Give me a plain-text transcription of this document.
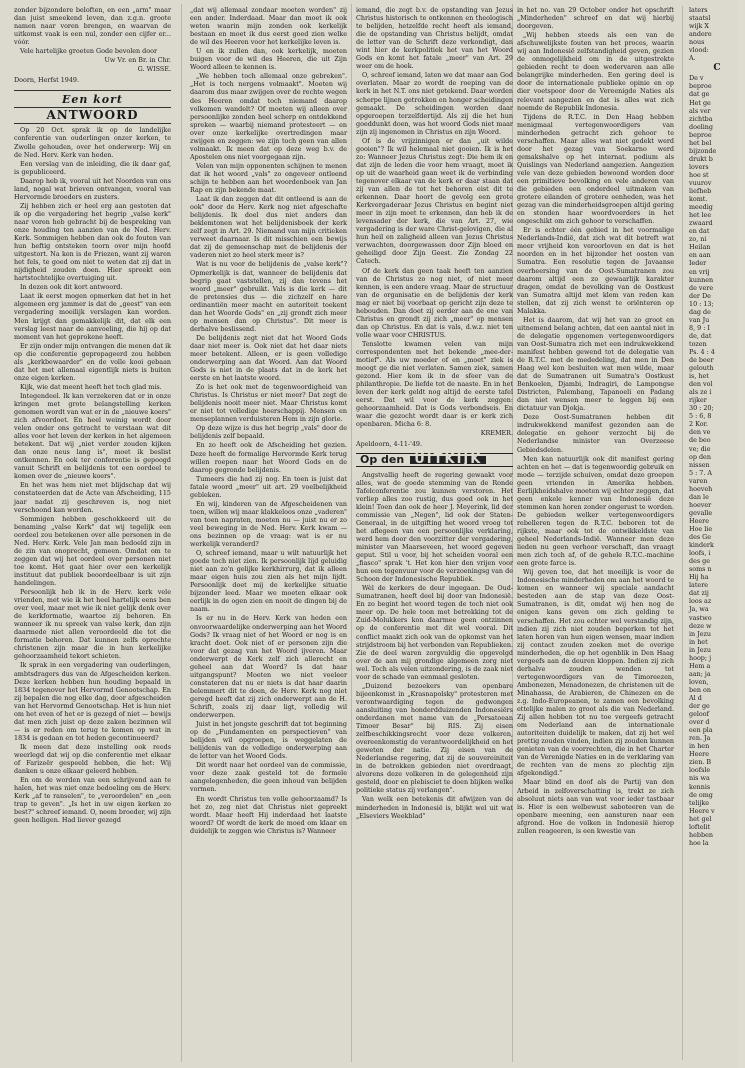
zonder bijzondere beloften, en een „arm" maar dan juist smeekend leven, dan z.g.n. groote namen naar voren brengen, en waarvan de uitkomst vaak is een nul, zonder een cijfer er... vóór.

Vele hartelijke groeten Gode bevolen door

Uw Vr. en Br. in Chr.

G. WISSE.

Doorn, Herfst 1949.

Een kort
ANTWOORD

Op 20 Oct. sprak ik op de landelijke conferentie van ouderlingen onzer kerken, te Zwolle gehouden, over het onderwerp: Wij en de Ned. Herv. Kerk van heden.

Een verslag van de inleiding, die ik daar gaf, is gepubliceerd.

Daarop heb ik, vooral uit het Noorden van ons land, nogal wat brieven ontvangen, vooral van Hervormde broeders en zusters.

Zij hebben zich er heel erg aan gestoten dat ik op die vergadering het begrip „valse kerk" naar voren heb gebracht bij de bespreking van onze houding ten aanzien van de Ned. Herv. Kerk. Sommigen hebben dan ook de fouten van hun heftig ontsteken toorn over mijn hoofd uitgestort. Na ken is de Friezen, want zij waren het fels, te goed om niet te weten dat zij dat in nijdigheid zouden doen. Hier spreekt een hartstochtelijke overtuiging uit.

In dezen ook dit kort antwoord.

Laat ik eerst mogen opmerken dat het in het algemeen erg jammer is dat de „geest" van een vergadering moeilijk verslagen kan worden. Men krijgt dan gemakkelijk dit, dat elk een verslag leest naar de aanvoeling, die hij op dat moment van het geprokene heeft.

Er zijn onder mijn ontvangen die menen dat ik op die conferentie gepropageerd zou hebben als „kerkbewaarder" en de volle kooi gebaan dat het met allemaal eigentlijk niets is buiten onze eigen kerken.

Kijk, wie dat meent heeft het toch glad mis.

Integendeel. Ik kan verzekeren dat er in onze kringen met grote belangstelling kerken genomen wordt van wat er in de „nieuwe koers" zich afvoordoet. En heel weinig wordt door velen onder ons getracht te verstaan wat dit alles voor het leven der kerken in het algemeen betekent. Dat wij „niet verder zouden kijken dan onze neus lang is", moet ik beslist ontkennen. En ook ter conferentie is gepoogd vanuit Schrift en belijdenis tot een oordeel te komen over de „nieuwe koers".

En het was hem niet met blijdschap dat wij constateerden dat de Acte van Afscheiding, 115 jaar nadat zij geschreven is, nog niet verschoond kan worden.

Sommigen hebben geschokkeerd uit de benaming „valse Kerk" dat wij tegelijk een oordeel zou betekenen over alle personen in de Ned. Herv. Kerk. Vele Jan man bedoeld zijn in de zin van onoprecht, gemeen. Omdat om te zeggen dat wij het oordeel over personen niet toe komt. Het gaat hier over een kerkelijk instituut dat publiek beoordeelbaar is uit zijn handelingen.

Persoonlijk heb ik in de Herv. kerk vele vrienden, met wie ik het heel hartelijk eens ben over veel, maar met wie ik niet gelijk denk over de kerkformatie, waartoe zij behoren. En wanneer ik nu spreek van valse kerk, dan zijn daarmede niet allen veroordeeld die tot die formatie behoren. Dat kunnen zelfs oprechte christenen zijn maar die in hun kerkelijke gehoorzaamheid tekort schieten.

Ik sprak in een vergadering van ouderlingen, ambtsdragers dus van de Afgescheiden kerken. Deze kerken hebben hun houding bepaald in 1834 tegenover het Hervormd Genootschap. En zij bepalen die nog elke dag, door afgescheiden van het Hervormd Genootschap. Het is hun niet om het even of het er is gezegd of niet — bewijs dat men zich juist op deze zaken bezinnen wil — is er reden om terug te komen op wat in 1834 is gedaan en tot heden gecontinueerd?

Ik meen dat deze instelling ook reeds weerlegd dat wij op die conferentie met elkaar of Farizeër gespeeld hebben, die het: Wij danken u onze elkaar geleerd hebben.

En om de worden van een schrijvend aan te halen, het was niet onze bedoeling om de Herv. Kerk „af te ranselen", te „veroordelen" en „een trap te geven". „Is het in uw eigen kerken zo best?" schreef iemand. O, neem broeder, wij zijn geen heiligen. Had liever gezegd

„dat wij allemaal zondaar moeten worden" zij een ander. Inderdaad. Maar dan moet ik ook weten waarin mijn zonden ook kerkelijk bestaan en moet ik dus eerst goed zien welke de wil des Heeren voor het kerkelijke leven is.

U en ik zullen dan, ook kerkelijk, moeten buigen voor de wil des Heeren, die uit Zijn Woord alleen te kennen is.

„We hebben toch allemaal onze gebreken". „Het is toch nergens volmaakt". Moeten wij daarom dus maar zwijgen over de rechte wegen des Heeren omdat toch niemand daarop volkomen wandelt? Of moeten wij alleen over persoonlijke zonden heel scherp en ontdekkend spreken — waarbij niemand protesteert — en over onze kerkelijke overtredingen maar zwijgen en zeggen: we zijn toch geen van allen volmaakt. Ik meen dat op deze weg b.v. de Apostelen ons niet voorgegaan zijn.

Velen van mijn opponenten schijnen te menen dat ik het woord „vals" zo ongeveer ontleend schijn te hebben aan het woordenboek van Jan Rap en zijn bekende maat.

Laat ik dan zeggen dat dit ontleend is aan de ook" door de Herv. Kerk nog niet afgeschafte belijdenis. Ik doel dus niet anders dan beklemtonen wat het belijdenisboek der kerk zelf zegt in Art. 29. Niemand van mijn critieken verweet daarnaar. Is dit misschien een bewijs dat zij de gemeenschap met de belijdenis der vaderen niet zo heel sterk meer is?

Wat is nu voor de belijdenis de „valse kerk"? Opmerkelijk is dat, wanneer de belijdenis dat begrip gaat vaststellen, zij dan tevens het woord „meer" gebruikt. Vals is die kerk — dit de pretensies dus — die zichzelf en hare ordinantiën meer macht en autoriteit toekent dan het Woorde Gods" en „zij grondt zich meer op mensen dan op Christus". Dit meer is derhalve beslissend.

De belijdenis zegt niet dat het Woord Gods daar niet meer is. Ook niet dat het daar niets meer betekent. Alleen, er is geen volledige onderwerping aan dat Woord. Aan dat Woord Gods is niet in de plaats dat in de kerk het eerste en het laatste woord.

Zo is het ook met de tegenwoordigheid van Christus. Is Christus er niet meer? Dat zegt de belijdenis nooit meer niet. Maar Christus komt er niet tot volledige heerschappij. Mensen en menseplannen verduisteren Hem in zijn glorie.

Op deze wijze is dus het begrip „vals" door de belijdenis zelf bepaald.

En zo heeft ook de Afscheiding het gezien. Deze heeft de formalige Hervormde Kerk terug willen roepen naar het Woord Gods en de daarop gegronde belijdenis.

Tumeers die had zij nog. En toen is juist dat fatale woord „meer" uit art. 29 voelbelijkheid gebleken.

En wij, kinderen van de Afgescheidenen van toen, willen wij maar klakkeloos onze „vaderen" van toen napraten, moeten nu — juist nu er zo veel beweging in de Ned. Herv. Kerk kwam — ons bezinnen op de vraag: wat is er nu werkelijk veranderd?

O, schreef iemand, maar u wilt natuurlijk het goede toch niet zien. Ik persoonlijk lijd geluidig niet aan zo'n gelijke kerkhirrurg, dat ik alleen maar eigen huis zou zien als het mijn lijdt. Persoonlijk doet mij de kerkelijke situatie bijzonder leed. Maar we moeten elkaar ook eerlijk in de ogen zien en nooit de dingen bij de naam.

Is er nu in de Herv. Kerk van heden een onvoorwaardelijke onderwerping aan het Woord Gods? Ik vraag niet of het Woord er nog is en kracht doet. Ook niet of er personen zijn die voor dat gezag van het Woord ijveren. Maar onderwerpt de Kerk zelf zich allerecht en geheel aan dat Woord? Is dat haar uitgangspunt? Moeten we niet veeleer constateren dat nu er niets is dat haar daarin belemmert dit te doen, de Herv. Kerk nog niet geregd heeft dat zij zich onderwerpt aan de H. Schrift, zoals zij daar ligt, volledig wil onderwerpen.

Juist in het jongste geschrift dat tot beginning op de „Fundamenten en perspectieven" van belijden wil opgroepen, is weggelaten de belijdenis van de volledige onderwerping aan de letter van het Woord Gods.

Dit wordt naar het oordeel van de commissie, voor deze zaak gesteld tot de formele aangelegenheden, die geen inhoud van belijden vormen.

En wordt Christus ten volle gehoorzaamd? Is het zo, zeg niet dat Christus niet gepreekt wordt. Maar heeft Hij inderdaad het laatste woord? Of wordt de kerk de moed om klaar en duidelijk te zeggen wie Christus is? Wanneer

iemand, die zegt b.v. de opstanding van Jezus Christus historisch te ontkennen en theologisch te belijden, hetzelfde recht heeft als iemand, die de opstanding van Christus belijdt, omdat de letter van de Schrift deze verkondigt, dan wint hier de kerkpolitiek het van het Woord Gods en komt het fatale „meer" van Art. 29 weer om de hoek.

O, schreef iemand, laten we dat maar aan God overlaten. Maar zo wordt de roeping van de kerk in het N.T. ons niet getekend. Daar worden scherpe lijnen getrokken en honger scheidingen gemaakt. De scheidingen worden daar opgeroepen terzelfdertijd. Als zij die het hun goeddunkt doen, was het woord Gods niet maar zijn zij ingenomen in Christus en zijn Woord.

Of is de vrijzinnigen er dan „uit wilde gooien"? Ik wil helemaal niet gooien. Ik is het zo: Wanneer Jezus Christus zegt: Die hem ik en dat zijn de leden die voor hem vraagt, moet ik op uit de waarheid gaan weet ik de verbinding tegenover elkaar van de kerk er daar staan dat zij van allen de tot het behoren eist dit te erkennen. Daar hoort de gevolg een grote Kerkvergaderaar Jezus Christus en begint niet meer in zijn moet te erkennen, dan heb ik de levensader der kerk, die van Art. 27, wie vergadering is der ware Christ-gelovigen, die al hun heil en zaligheid alleen van Jezus Christus verwachten, doorgewassen door Zijn bloed en geheiligd door Zijn Geest. Zie Zondag 22 Catech.

Of de kerk dan geen taak heeft ten aanzien van de Christus zo nog niet, of niet meer kennen, is een andere vraag. Maar de structuur van de organisatie en de belijdenis der kerk mag er niet bij voorbaat op gericht zijn deze te hebouden. Dan doet zij eerder aan de ene van Christus en grondt zij zich „meer" op mensen dan op Christus. En dat is vals, d.w.z. niet ten volle waar voor CHRISTUS.

Tenslotte kwamen velen van mijn correspondenten met het bekende „mee-der-motief". Als uw moeder of en „moet" ziek is moogt ge die niet verlaten. Samen ziek, samen gezond. Hier kom ik in de sfeer van de philanthropie. De liefde tot de naaste. En in het leven der kerk geldt nog altijd de eerste tafel eerst. Dat wil voor de kerk zeggen: gehoorzaamheid. Dat is Gods verbondseis. En waar die gezocht wordt daar is er kerk zich openbaren. Micha 6: 8.

KREMER.

Apeldoorn, 4-11-'49.

Op den UITKIJK

Angstvallig heeft de regering gewaakt voor alles, wat de goede stemming van de Ronde Tafelconferentie zou kunnen verstoren. Het verliep alles zoo rustig, dus goed ook in het klein! Toen dan ook de heer J. Meyerink, lid der commissie van „Negen", lid ook der Staten-Generaal, in de uitgifting het woord vroeg tot het aflegeen van een persoonlijke verklaring, werd hem door den voorzitter der vergadering, minister van Maarseveen, het woord gegeven geput. Stil u voor, bij het scheiden vooral een „fiasco" sprak 't. Het kon hier den vrijen voor hun een tegenvuur voor de verzoeningsg van de Schoon der Indonesische Republiek.

Wèl de kerkers de deur ingegaan. De Oud-Sumatranen, heeft deel bij door van Indonesië. En zo begint het woord tegen de toch niet ook meer op. De hele toon met betrekking tot de Zuid-Molukkers kon daarmee geen ontzinnen op de conferentie met dit wel vooral. Dit conflict maakt zich ook van de opkomst van het strijdstroom bij het verbonden van Republieken. Zie de deel waren zorgvuldig die opgevolgd over de aan mij grondige algemeen zorg niet wel. Toch als velen uitzondering, is de zaak niet voor de schade van eenmaal gesloten.

„Duizend bezoekers van openbare bijeenkomst in „Krasnapolsky" protesteren met verontwaardiging tegen de gedwongen aansluiting van honderdduizenden Indonesiërs onderdanen met name van de „Persatoean Timoer Besar" bij RIS. Zij eisen zelfbeschikkingsrecht voor deze volkeren, overeenkomstig de verantwoordelijkheid en het geweten der natie. Zij eisen van de Nederlandse regering, dat zij de souvereiniteit in de betrokken gebieden niet overdraagt, alvorens deze volkeren in de gelegenheid zijn gesteld, door en plebisciet te doen blijken welke politieke status zij verlangen".

Van welk een betekenis dit afwijzen van de minderheden in Indonesië is, blijkt wel uit wat „Elseviers Weekblad"

in het no. van 29 October onder het opschrift „Minderheden" schreef en dat wij hierbij doorgeven.

„Wij hebben steeds als een van de afschuwelijkste fouten van het proces, waarin wij aan Indonesië zelfstandigheid geven, gezien de onmogelijkheid om in de uitgestrekte gebieden recht te doen wedervaren aan alle belangrijke minderheden. Een gering deel is door de internationale publieke opinie en op dier voetspoor door de Vereenigde Naties als relevant aangezien en dat is alles wat zich noemde de Republik Indonesia.

Tijdens de R.T.C. in Den Haag hebben menigmaal vertegenwoordigers van minderheden getracht zich gehoor te verschaffen. Maar alles wat niet gedekt werd door het gezag van Soekarno werd gemakshalve op het internat. podium als Quislings van Nederland aangezien. Aangezien vele van deze gebieden bewoond worden door een primitieve bevolking en vele anderen van die gebieden een onderdeel uitmaken van grotere eilanden of grotere eenheden, was het gezag van die minderheidsgroepen altijd gering en stonden haar woordvoerders in het ongeschikt om zich gehoor te verschaffen.

Er is echter één gebied in het voormalige Nederlands-Indië, dat zich wat dit betreft wat meer vrijheid kon veroorloven en dat is het noorden en in het bijzonder het oosten van Sumatra. Een resolutie tegen de Javaanse overheersing van de Oost-Sumatranen zou daarom altijd een zo gewaarlijk karakter dragen, omdat de bevolking van de Oostkust van Sumatra altijd met klem van reden kan stellen, dat zij zich wenst te oriënteren op Malakka.

Het is daarom, dat wij het van zo groot en uitnemend belang achten, dat een aantal niet in de delegatie opgenomen vertegenwoordigers van Oost-Sumatra zich met een indrukwekkend manifest hebben gewend tot de delegatie van de R.T.C. met de mededeling, dat men in Den Haag wel kon besluiten wat men wilde, maar dat de Sumatranen uit Sumatra's Oostkust Benkoelen, Djambi, Indragiri, de Lampongse Districten, Palembang, Tapanoeli en Padang dan niet wensen meer te leggen bij een dictatuur van Djokja.

Deze Oost-Sumatranen hebben dit indrukwekkend manifest gezonden aan de delegatie en gehoor verzocht bij de Nederlandse minister van Overzeese Gebiedsdelen.

Men kan natuurlijk ook dit manifest gering achten en het — dat is tegenwoordig gebruik en mode — terzijde schuiven, omdat deze groepen geen vrienden in Amerika hebben. Eerlijkheidshalve moeten wij echter zeggen, dat geen enkele kenner van Indonesië deze stemmen kan horen zonder ongerust te worden. De gebieden welker vertegenwoordigers rebelleren tegen de R.T.C. beboren tot de rijkste, maar ook tot de ontwikkeldste van geheel Nederlands-Indië. Wanneer men deze lieden nu geen verhoor verschaft, dan vraagt men zich toch af, of de gehele R.T.C.-machine een grote farce is.

Wij geven toe, dat het moeilijk is voor de Indonesische minderheden om aan het woord te komen en wanneer wij speciale aandacht besteden aan de stap van deze Oost-Sumatranen, is dit, omdat wij hen nog de enigen kans geven om zich gelding te verschaffen. Het zou echter wel verstandig zijn, indien zij zich niet zouden beperken tot het laten horen van hun eigen wensen, maar indien zij contact zouden zoeken met de overige minderheden, die op het ogenblik in Den Haag vergeefs aan de deuren kloppen. Indien zij zich derhalve zouden wenden tot vertegenwoordigers van de Timoreezen, Ambonezen, Menadonezen, de christenen uit de Minahassa, de Arabieren, de Chinezen en de z.g. Indo-Europeanen, te zamen een bevolking ettelijke malen zo groot als die van Nederland. Zij allen hebben tot nu toe vergeefs getracht om Nederland aan de internationale autoriteiten duidelijk te maken, dat zij het wel prettig zouden vinden, indien zij zouden kunnen genieten van de voorrechten, die in het Charter van de Verenigde Naties en in de verklaring van de rechten van de mens zo plechtig zijn afgekondigd."

Maar blind en doof als de Partij van den Arbeid in zelfoverschatting is, trekt ze zich absoluut niets aan van wat voor ieder tastbaar is. Hier is een welbewust saboteeren van de openbare meening, een aansturen naar een afgrond. Hoe de volken in Indonesië hierop zullen reageeren, is een kwestie van

laters
staatsl
wijk X
andere
nous
vlood:
A.
C
De v
beproe
dat ge
Het ge
als ver
zichtba
doeling
beproe
het bel
bijzonde
drukt b
lovers
hoe st
vuurov
liefheb
komt.
meedig
het lee
zwaard
en dat
zo, ni
Heilan
en aan
Ieder
en vrij
kunnen
de vere
der De
10 : 13;
dag de
van Ju
8, 9 : I
de, dat
tozen
Ps. 4 : 4
de beer
gelouth
is, het
den vol
als ze i
rijker
30 : 20;
5 : 6, 8
2 Kor.
den ve
de beo
ve; die
op den
nissen
5 : 7. A
varen
hoeveh
dan le
hoever
gevalle
Heere
Hoe lie
des Ge
kinderk
loofs, i
des ge
soms n
Hij ha
latere
dat zij
loos az
Ja, wa
vastwo
deze w
in Jezu
in het
in Jezu
hoop; j
Hem a
aan; ja
loven,
ben on
Al d
der ge
geloof
over d
een pla
ren. Ja
in hen
Heere
zien. B
loofsle
nis wa
kennis
de omg
telijke
Heere v
het gel
loftelit
hebben
hoe la
